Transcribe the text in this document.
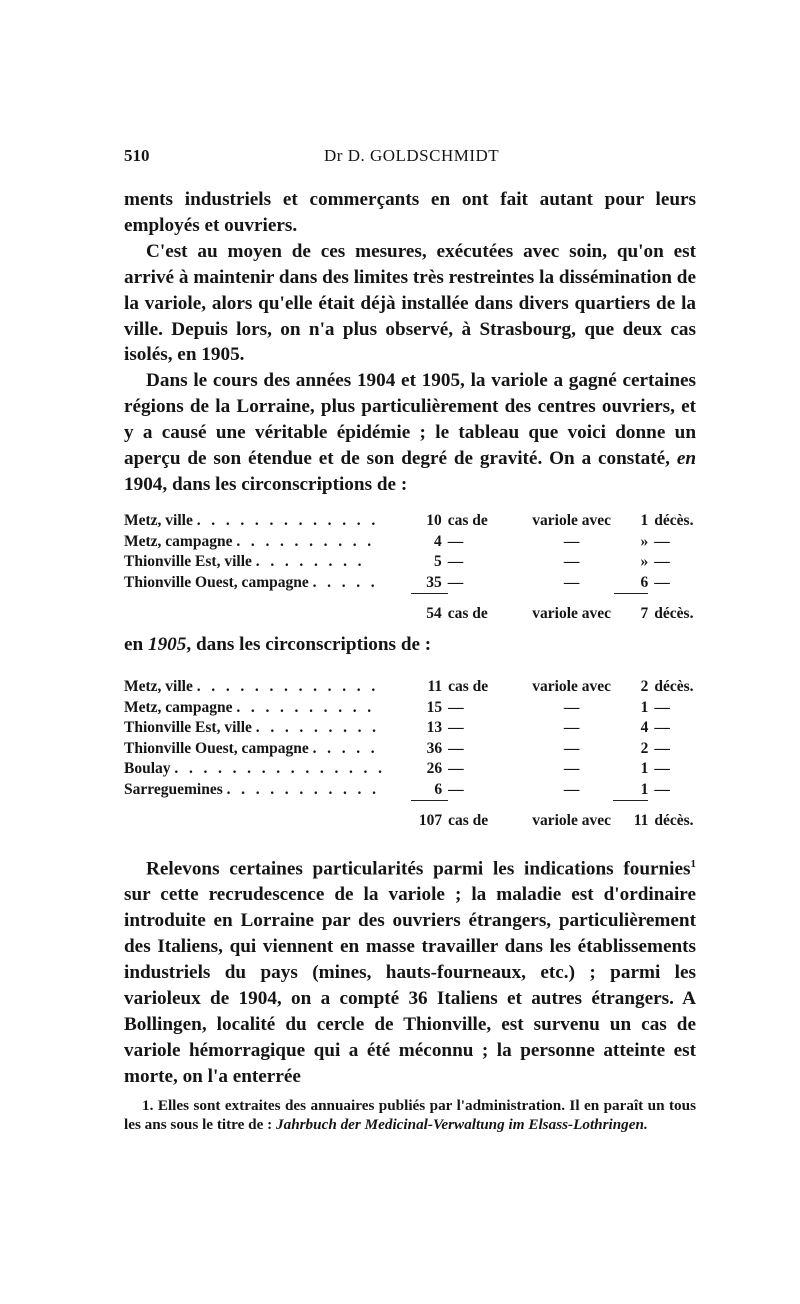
510	Dr D. GOLDSCHMIDT

ments industriels et commerçants en ont fait autant pour leurs employés et ouvriers.

C'est au moyen de ces mesures, exécutées avec soin, qu'on est arrivé à maintenir dans des limites très restreintes la dissémination de la variole, alors qu'elle était déjà installée dans divers quartiers de la ville. Depuis lors, on n'a plus observé, à Strasbourg, que deux cas isolés, en 1905.

Dans le cours des années 1904 et 1905, la variole a gagné certaines régions de la Lorraine, plus particulièrement des centres ouvriers, et y a causé une véritable épidémie ; le tableau que voici donne un aperçu de son étendue et de son degré de gravité. On a constaté, en 1904, dans les circonscriptions de :

Metz, ville . . . . . . . . . . . . .	10	cas de	variole avec	1	décès.
Metz, campagne . . . . . . . . . .	4	—	—	»	—
Thionville Est, ville . . . . . . . .	5	—	—	»	—
Thionville Ouest, campagne . . . . .	35	—	—	6	—
	54	cas de	variole avec	7	décès.
en 1905, dans les circonscriptions de :
Metz, ville . . . . . . . . . . . . .	11	cas de	variole avec	2	décès.
Metz, campagne . . . . . . . . . .	15	—	—	1	—
Thionville Est, ville . . . . . . . . .	13	—	—	4	—
Thionville Ouest, campagne . . . . .	36	—	—	2	—
Boulay . . . . . . . . . . . . . . .	26	—	—	1	—
Sarreguemines . . . . . . . . . . .	6	—	—	1	—
	107	cas de	variole avec	11	décès.

Relevons certaines particularités parmi les indications fournies$^1$ sur cette recrudescence de la variole ; la maladie est d'ordinaire introduite en Lorraine par des ouvriers étrangers, particulièrement des Italiens, qui viennent en masse travailler dans les établissements industriels du pays (mines, hauts-fourneaux, etc.) ; parmi les varioleux de 1904, on a compté 36 Italiens et autres étrangers. A Bollingen, localité du cercle de Thionville, est survenu un cas de variole hémorragique qui a été méconnu ; la personne atteinte est morte, on l'a enterrée

1. Elles sont extraites des annuaires publiés par l'administration. Il en paraît un tous les ans sous le titre de : Jahrbuch der Medicinal-Verwaltung im Elsass-Lothringen.
